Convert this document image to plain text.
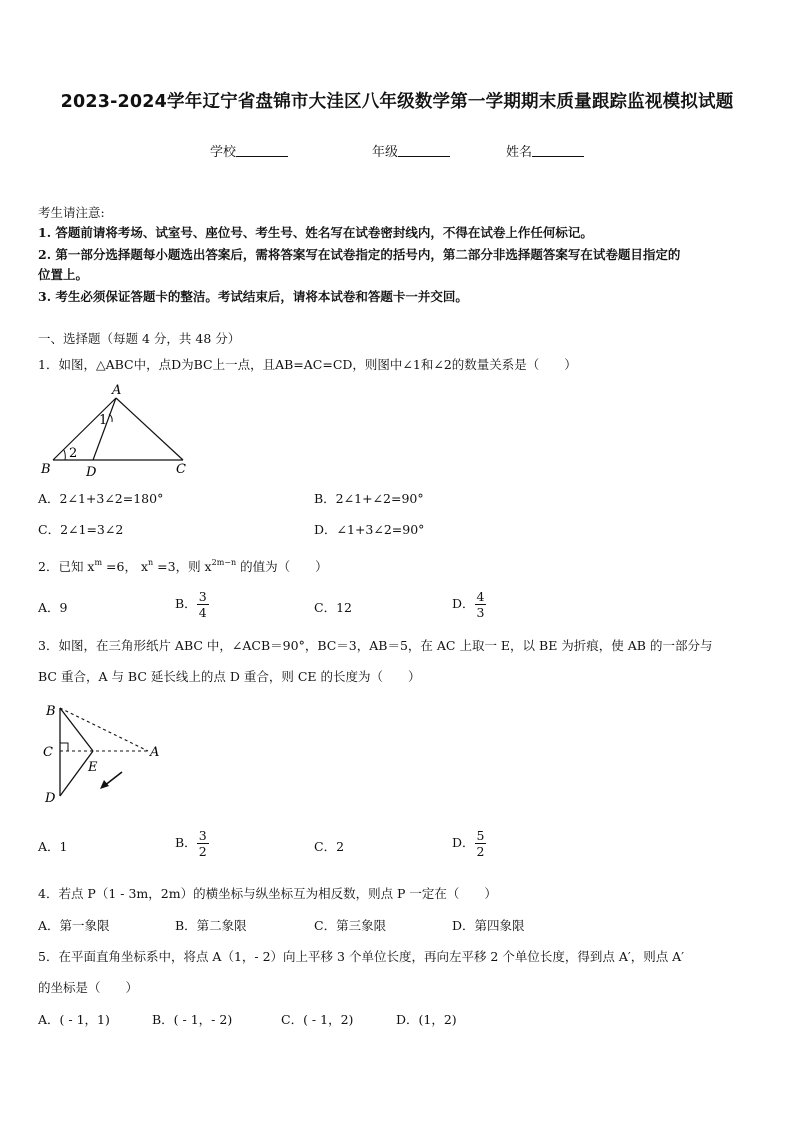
2023-2024学年辽宁省盘锦市大洼区八年级数学第一学期期末质量跟踪监视模拟试题
学校	年级	姓名
考生请注意:
1. 答题前请将考场、试室号、座位号、考生号、姓名写在试卷密封线内，不得在试卷上作任何标记。
2. 第一部分选择题每小题选出答案后，需将答案写在试卷指定的括号内，第二部分非选择题答案写在试卷题目指定的
位置上。
3. 考生必须保证答题卡的整洁。考试结束后，请将本试卷和答题卡一并交回。
一、选择题（每题 4 分，共 48 分）
1．如图，△ABC中，点D为BC上一点，且AB=AC=CD，则图中∠1和∠2的数量关系是（　　）
A
B	D	C
1
2
A．2∠1+3∠2=180°	B．2∠1+∠2=90°
C．2∠1=3∠2	D．∠1+3∠2=90°
2．已知 $x^m =6$， $x^n =3$，则 $x^{2m-n}$ 的值为（　　）
A．9	B． $\frac{3}{4}$	C．12	D． $\frac{4}{3}$
3．如图，在三角形纸片 ABC 中，∠ACB＝90°，BC＝3，AB＝5，在 AC 上取一 E，以 BE 为折痕，使 AB 的一部分与
BC 重合，A 与 BC 延长线上的点 D 重合，则 CE 的长度为（　　）
B
C
D
E
A
A．1	B． $\frac{3}{2}$	C．2	D． $\frac{5}{2}$
4．若点 P（1 - 3m，2m）的横坐标与纵坐标互为相反数，则点 P 一定在（　　）
A．第一象限	B．第二象限	C．第三象限	D．第四象限
5．在平面直角坐标系中，将点 A（1，- 2）向上平移 3 个单位长度，再向左平移 2 个单位长度，得到点 A′，则点 A′
的坐标是（　　）
A．( - 1，1)	B．( - 1，- 2)	C．( - 1，2)	D．(1，2)
